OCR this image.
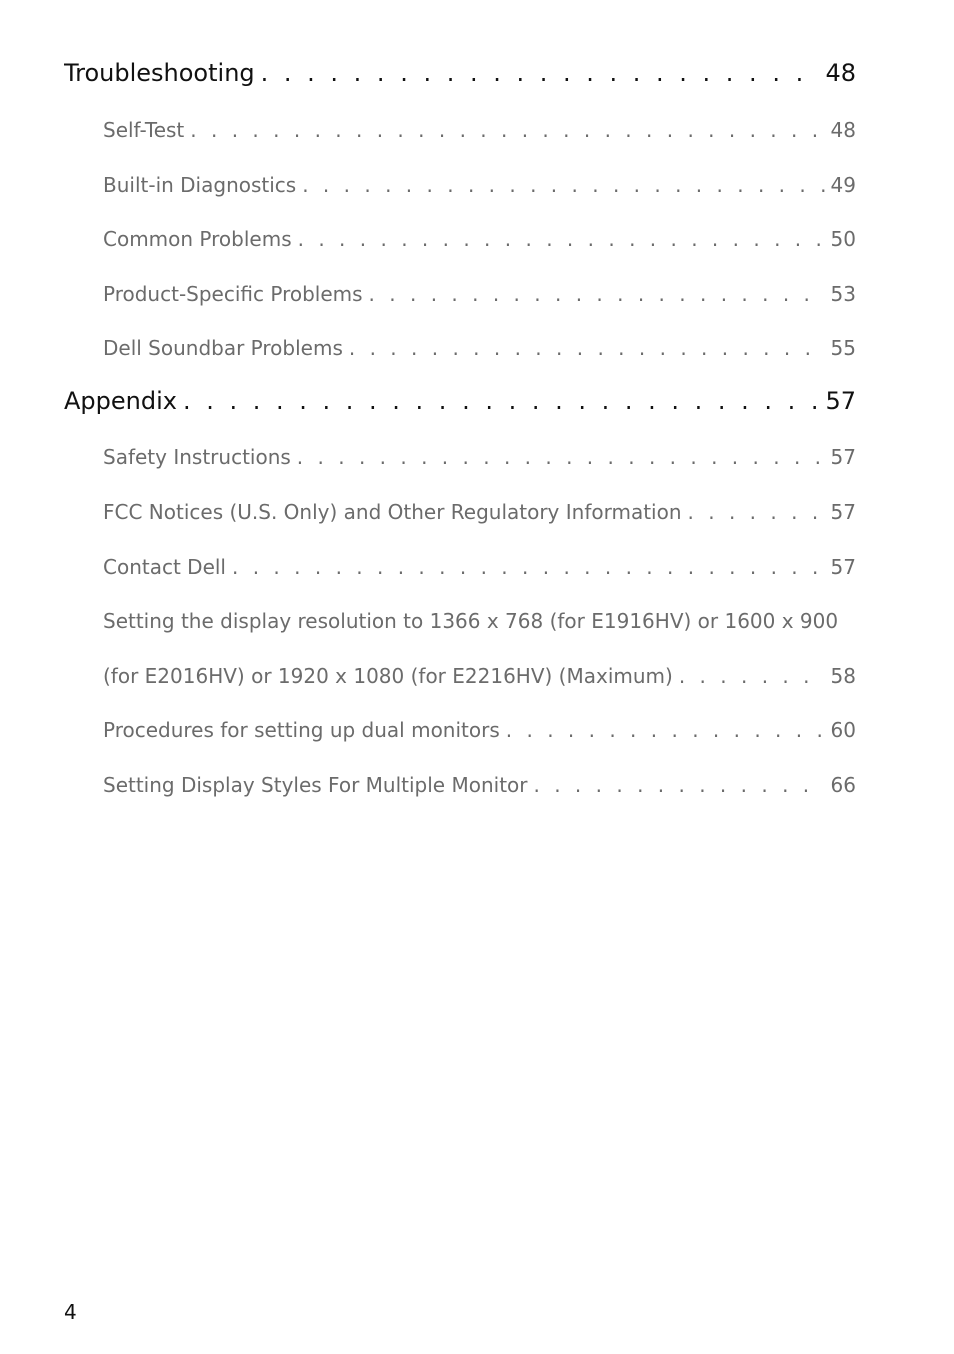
Troubleshooting . . .	48
Self-Test . . .	48
Built-in Diagnostics . . .	49
Common Problems . . .	50
Product-Specific Problems . . .	53
Dell Soundbar Problems . . .	55
Appendix . . .	57
Safety Instructions . . .	57
FCC Notices (U.S. Only) and Other Regulatory Information . . .	57
Contact Dell . . .	57
Setting the display resolution to 1366 x 768 (for E1916HV) or 1600 x 900
(for E2016HV) or 1920 x 1080 (for E2216HV) (Maximum) . . .	58
Procedures for setting up dual monitors . . .	60
Setting Display Styles For Multiple Monitor . . .	66
4
